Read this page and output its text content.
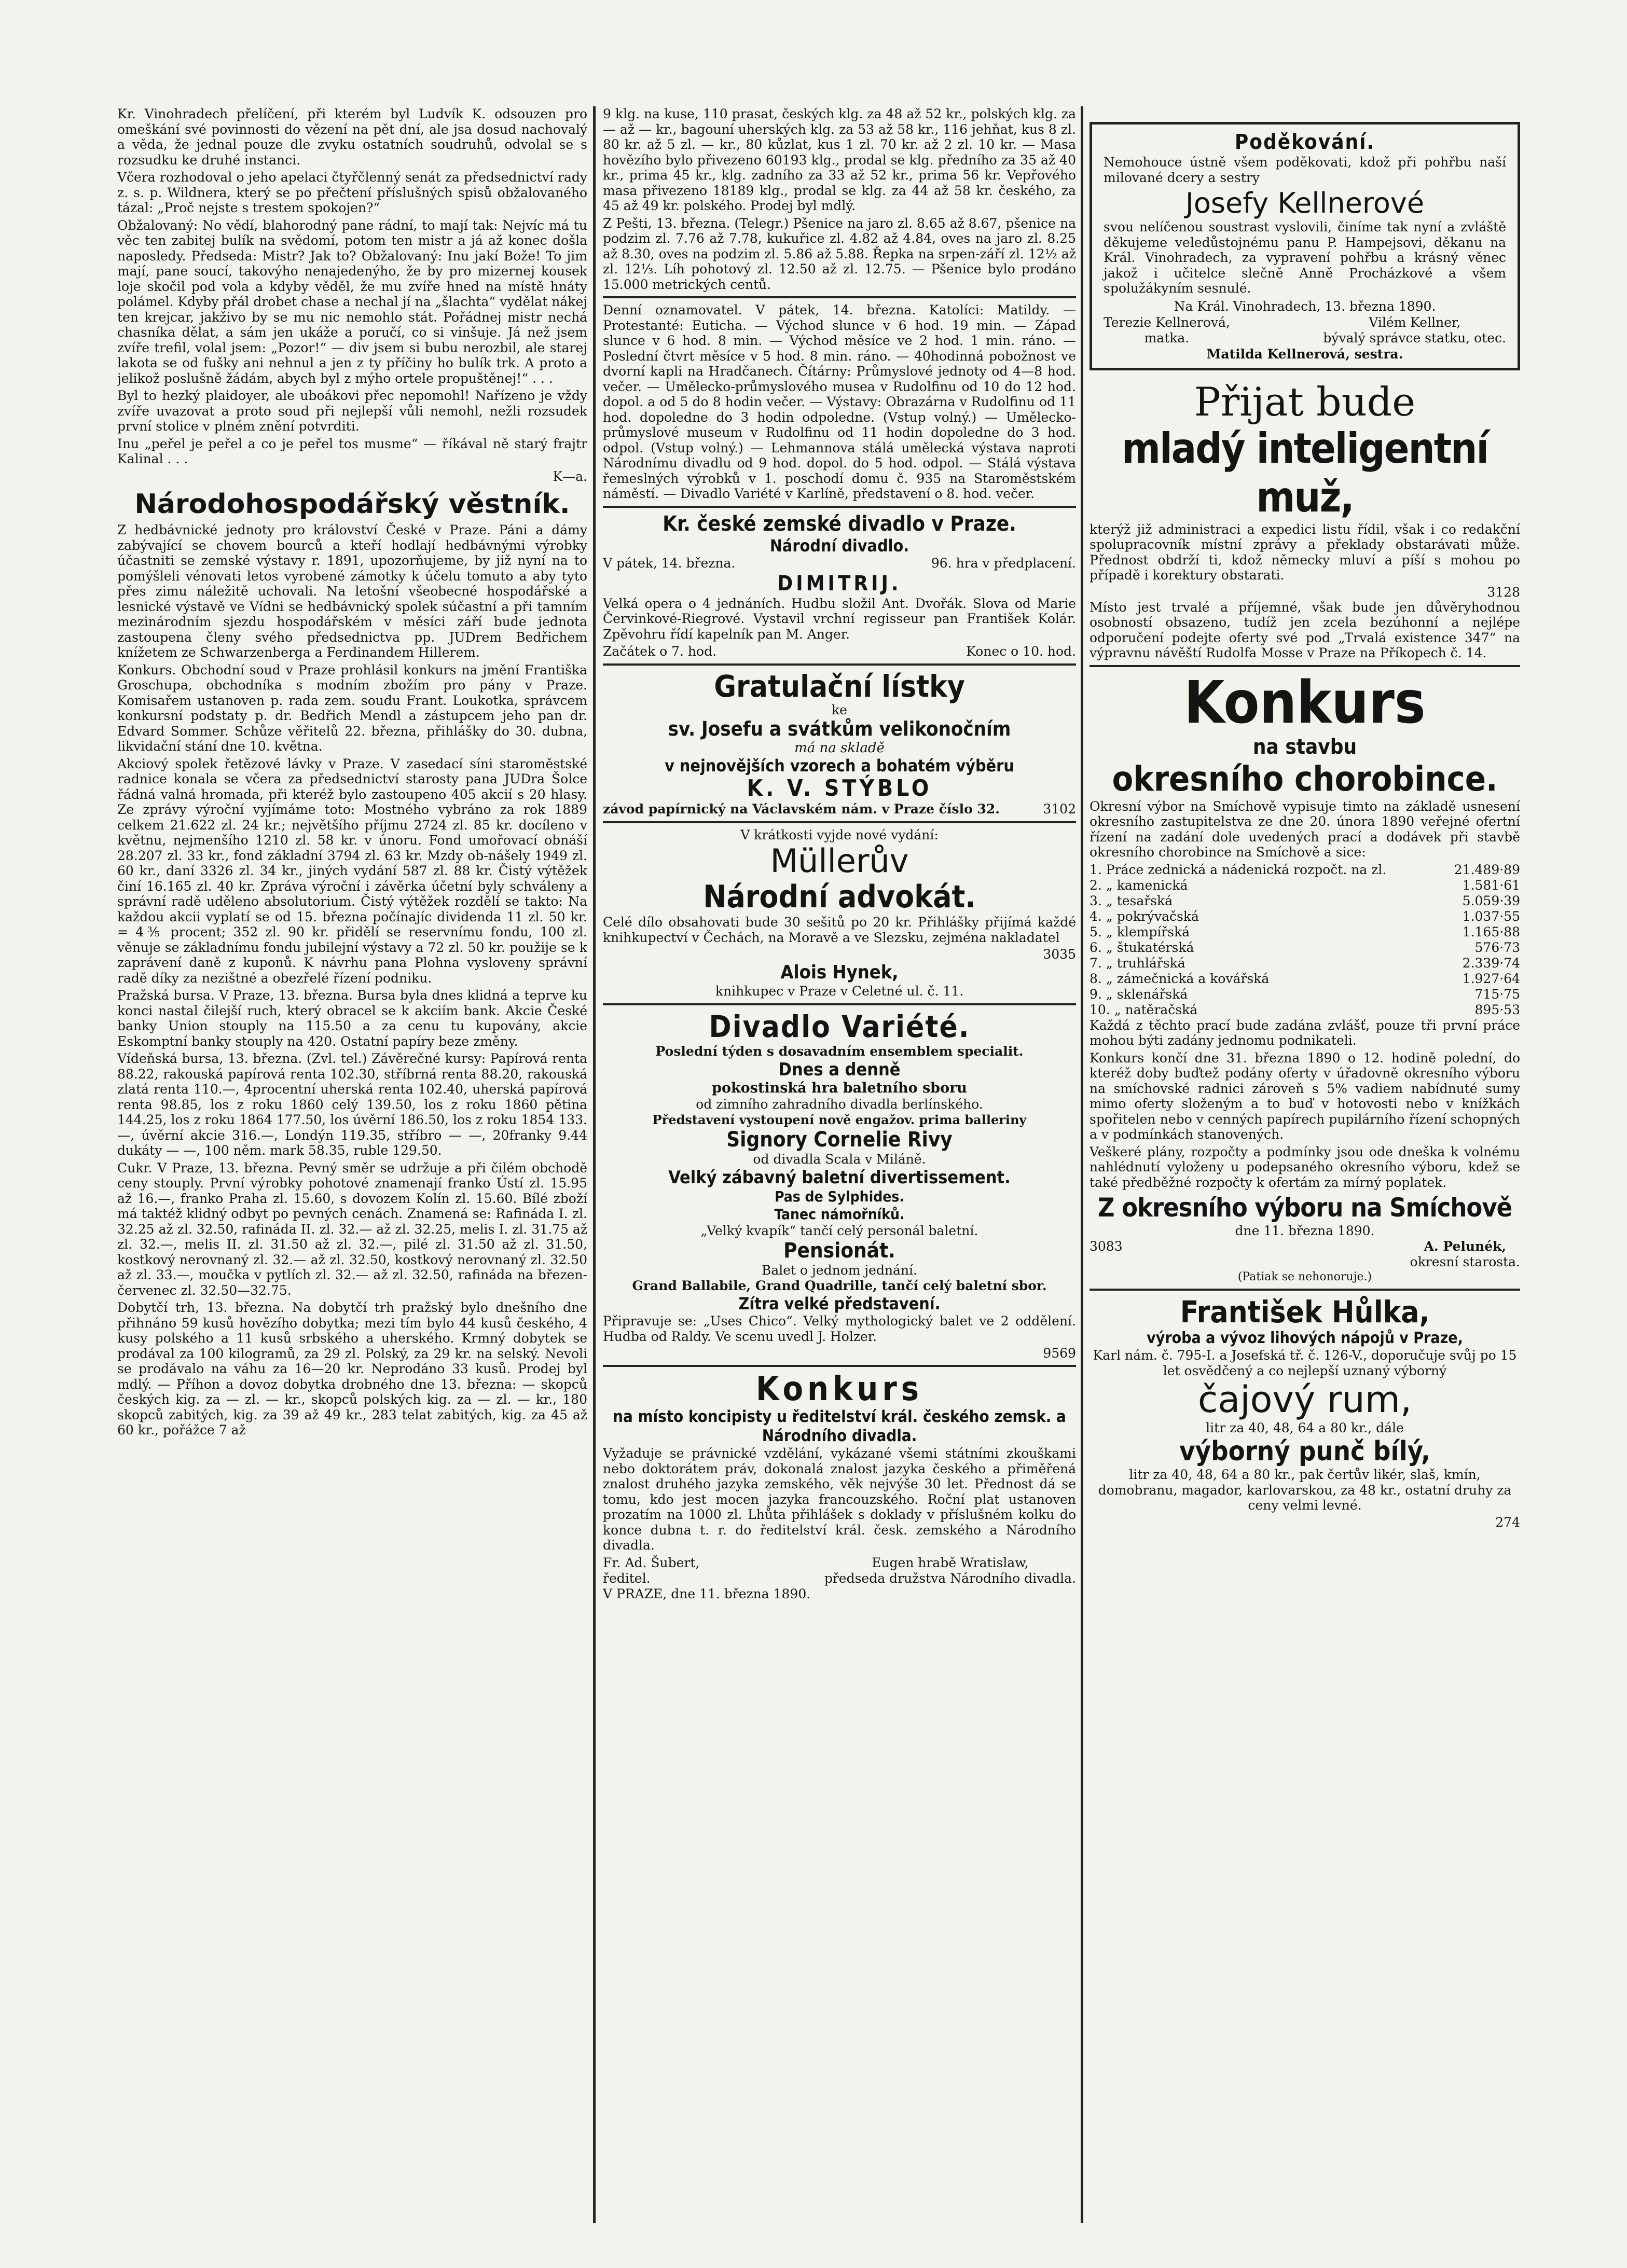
Kr. Vinohradech přelíčení, při kterém byl Ludvík K. odsouzen pro omeškání své povinnosti do vězení na pět dní, ale jsa dosud nachovalý a věda, že jednal pouze dle zvyku ostatních soudruhů, odvolal se s rozsudku ke druhé instanci.

Včera rozhodoval o jeho apelaci čtyřčlenný senát za předsednictví rady z. s. p. Wildnera, který se po přečtení příslušných spisů obžalovaného tázal: „Proč nejste s trestem spokojen?“

Obžalovaný: No vědí, blahorodný pane rádní, to mají tak: Nejvíc má tu věc ten zabitej bulík na svědomí, potom ten mistr a já až konec došla naposledy. Předseda: Mistr? Jak to? Obžalovaný: Inu jakí Bože! To jim mají, pane soucí, takovýho nenajedenýho, že by pro mizernej kousek loje skočil pod vola a kdyby věděl, že mu zvíře hned na místě hnáty polámel. Kdyby přál drobet chase a nechal jí na „šlachta“ vydělat nákej ten krejcar, jakživo by se mu nic nemohlo stát. Pořádnej mistr nechá chasníka dělat, a sám jen ukáže a poručí, co si vinšuje. Já než jsem zvíře trefil, volal jsem: „Pozor!“ — div jsem si bubu nerozbil, ale starej lakota se od fušky ani nehnul a jen z ty příčiny ho bulík trk. A proto a jelikož poslušně žádám, abych byl z mýho ortele propuštěnej!“ . . .

Byl to hezký plaidoyer, ale uboákovi přec nepomohl! Nařízeno je vždy zvíře uvazovat a proto soud při nejlepší vůli nemohl, nežli rozsudek první stolice v plném znění potvrditi.

Inu „peřel je peřel a co je peřel tos musme“ — říkával ně starý frajtr Kalinal . . .

K—a.

Národohospodářský věstník.

Z hedbávnické jednoty pro království České v Praze. Páni a dámy zabývající se chovem bourců a kteří hodlají hedbávnými výrobky účastniti se zemské výstavy r. 1891, upozorňujeme, by již nyní na to pomýšleli vénovati letos vyrobené zámotky k účelu tomuto a aby tyto přes zimu náležitě uchovali. Na letošní všeobecné hospodářské a lesnické výstavě ve Vídni se hedbávnický spolek súčastní a při tamním mezinárodním sjezdu hospodářském v měsíci září bude jednota zastoupena členy svého předsednictva pp. JUDrem Bedřichem knížetem ze Schwarzenberga a Ferdinandem Hillerem.

Konkurs. Obchodní soud v Praze prohlásil konkurs na jmění Františka Groschupa, obchodníka s modním zbožím pro pány v Praze. Komisařem ustanoven p. rada zem. soudu Frant. Loukotka, správcem konkursní podstaty p. dr. Bedřich Mendl a zástupcem jeho pan dr. Edvard Sommer. Schůze věřitelů 22. března, přihlášky do 30. dubna, likvidační stání dne 10. května.

Akciový spolek řetězové lávky v Praze. V zasedací síni staroměstské radnice konala se včera za předsednictví starosty pana JUDra Šolce řádná valná hromada, při kteréž bylo zastoupeno 405 akcií s 20 hlasy. Ze zprávy výroční vyjímáme toto: Mostného vybráno za rok 1889 celkem 21.622 zl. 24 kr.; největšího příjmu 2724 zl. 85 kr. docíleno v květnu, nejmenšího 1210 zl. 58 kr. v únoru. Fond umořovací obnáší 28.207 zl. 33 kr., fond základní 3794 zl. 63 kr. Mzdy ob-nášely 1949 zl. 60 kr., daní 3326 zl. 34 kr., jiných vydání 587 zl. 88 kr. Čistý výtěžek činí 16.165 zl. 40 kr. Zpráva výroční i závěrka účetní byly schváleny a správní radě uděleno absolutorium. Čistý výtěžek rozdělí se takto: Na každou akcii vyplatí se od 15. března počínajíc dividenda 11 zl. 50 kr. = 4⅗ procent; 352 zl. 90 kr. přidělí se reservnímu fondu, 100 zl. věnuje se základnímu fondu jubilejní výstavy a 72 zl. 50 kr. použije se k zaprávení daně z kuponů. K návrhu pana Plohna vysloveny správní radě díky za nezištné a obezřelé řízení podniku.

Pražská bursa. V Praze, 13. března. Bursa byla dnes klidná a teprve ku konci nastal čilejší ruch, který obracel se k akciím bank. Akcie České banky Union stouply na 115.50 a za cenu tu kupovány, akcie Eskomptní banky stouply na 420. Ostatní papíry beze změny.

Vídeňská bursa, 13. března. (Zvl. tel.) Závěrečné kursy: Papírová renta 88.22, rakouská papírová renta 102.30, stříbrná renta 88.20, rakouská zlatá renta 110.—, 4procentní uherská renta 102.40, uherská papírová renta 98.85, los z roku 1860 celý 139.50, los z roku 1860 pětina 144.25, los z roku 1864 177.50, los úvěrní 186.50, los z roku 1854 133.—, úvěrní akcie 316.—, Londýn 119.35, stříbro — —, 20franky 9.44 dukáty — —, 100 něm. mark 58.35, ruble 129.50.

Cukr. V Praze, 13. března. Pevný směr se udržuje a při čilém obchodě ceny stouply. První výrobky pohotové znamenají franko Ústí zl. 15.95 až 16.—, franko Praha zl. 15.60, s dovozem Kolín zl. 15.60. Bílé zboží má taktéž klidný odbyt po pevných cenách. Znamená se: Rafináda I. zl. 32.25 až zl. 32.50, rafináda II. zl. 32.— až zl. 32.25, melis I. zl. 31.75 až zl. 32.—, melis II. zl. 31.50 až zl. 32.—, pilé zl. 31.50 až zl. 31.50, kostkový nerovnaný zl. 32.— až zl. 32.50, kostkový nerovnaný zl. 32.50 až zl. 33.—, moučka v pytlích zl. 32.— až zl. 32.50, rafináda na březen-červenec zl. 32.50—32.75.

Dobytčí trh, 13. března. Na dobytčí trh pražský bylo dnešního dne přihnáno 59 kusů hovězího dobytka; mezi tím bylo 44 kusů českého, 4 kusy polského a 11 kusů srbského a uherského. Krmný dobytek se prodával za 100 kilogramů, za 29 zl. Polský, za 29 kr. na selský. Nevoli se prodávalo na váhu za 16—20 kr. Neprodáno 33 kusů. Prodej byl mdlý. — Příhon a dovoz dobytka drobného dne 13. března: — skopců českých kig. za — zl. — kr., skopců polských kig. za — zl. — kr., 180 skopců zabitých, kig. za 39 až 49 kr., 283 telat zabitých, kig. za 45 až 60 kr., pořážce 7 až

9 klg. na kuse, 110 prasat, českých klg. za 48 až 52 kr., polských klg. za — až — kr., bagouní uherských klg. za 53 až 58 kr., 116 jehňat, kus 8 zl. 80 kr. až 5 zl. — kr., 80 kůzlat, kus 1 zl. 70 kr. až 2 zl. 10 kr. — Masa hovězího bylo přivezeno 60193 klg., prodal se klg. předního za 35 až 40 kr., prima 45 kr., klg. zadního za 33 až 52 kr., prima 56 kr. Vepřového masa přivezeno 18189 klg., prodal se klg. za 44 až 58 kr. českého, za 45 až 49 kr. polského. Prodej byl mdlý.

Z Pešti, 13. března. (Telegr.) Pšenice na jaro zl. 8.65 až 8.67, pšenice na podzim zl. 7.76 až 7.78, kukuřice zl. 4.82 až 4.84, oves na jaro zl. 8.25 až 8.30, oves na podzim zl. 5.86 až 5.88. Řepka na srpen-září zl. 12½ až zl. 12⅓. Líh pohotový zl. 12.50 až zl. 12.75. — Pšenice bylo prodáno 15.000 metrických centů.

Denní oznamovatel. V pátek, 14. března. Katolíci: Matildy. — Protestanté: Euticha. — Východ slunce v 6 hod. 19 min. — Západ slunce v 6 hod. 8 min. — Východ měsíce ve 2 hod. 1 min. ráno. — Poslední čtvrt měsíce v 5 hod. 8 min. ráno. — 40hodinná pobožnost ve dvorní kapli na Hradčanech. Čítárny: Průmyslové jednoty od 4—8 hod. večer. — Umělecko-průmyslového musea v Rudolfinu od 10 do 12 hod. dopol. a od 5 do 8 hodin večer. — Výstavy: Obrazárna v Rudolfinu od 11 hod. dopoledne do 3 hodin odpoledne. (Vstup volný.) — Umělecko-průmyslové museum v Rudolfinu od 11 hodin dopoledne do 3 hod. odpol. (Vstup volný.) — Lehmannova stálá umělecká výstava naproti Národnímu divadlu od 9 hod. dopol. do 5 hod. odpol. — Stálá výstava řemeslných výrobků v 1. poschodí domu č. 935 na Staroměstském náměstí. — Divadlo Variété v Karlíně, představení o 8. hod. večer.

Kr. české zemské divadlo v Praze.
Národní divadlo.
V pátek, 14. března.	96. hra v předplacení.
DIMITRIJ.

Velká opera o 4 jednáních. Hudbu složil Ant. Dvořák. Slova od Marie Červinkové-Riegrové. Vystavil vrchní regisseur pan František Kolár. Zpěvohru řídí kapelník pan M. Anger.

Začátek o 7. hod.	Konec o 10. hod.
Gratulační lístky
ke
sv. Josefu a svátkům velikonočním
má na skladě
v nejnovějších vzorech a bohatém výběru
K. V. STÝBLO
závod papírnický na Václavském nám. v Praze číslo 32.	3102
V krátkosti vyjde nové vydání:
Müllerův
Národní advokát.

Celé dílo obsahovati bude 30 sešitů po 20 kr. Přihlášky přijímá každé knihkupectví v Čechách, na Moravě a ve Slezsku, zejména nakladatel

3035
Alois Hynek,
knihkupec v Praze v Celetné ul. č. 11.
Divadlo Variété.
Poslední týden s dosavadním ensemblem specialit.
Dnes a denně
pokostinská hra baletního sboru
od zimního zahradního divadla berlínského.
Představení vystoupení nově engažov. prima balleriny
Signory Cornelie Rivy
od divadla Scala v Miláně.
Velký zábavný baletní divertissement.
Pas de Sylphides.
Tanec námořníků.
„Velký kvapík“ tančí celý personál baletní.
Pensionát.
Balet o jednom jednání.
Grand Ballabile, Grand Quadrille, tančí celý baletní sbor.
Zítra velké představení.

Připravuje se: „Uses Chico“. Velký mythologický balet ve 2 oddělení. Hudba od Raldy. Ve scenu uvedl J. Holzer.

9569
Konkurs
na místo koncipisty u ředitelství král. českého zemsk. a Národního divadla.

Vyžaduje se právnické vzdělání, vykázané všemi státními zkouškami nebo doktorátem práv, dokonalá znalost jazyka českého a přiměřená znalost druhého jazyka zemského, věk nejvýše 30 let. Přednost dá se tomu, kdo jest mocen jazyka francouzského. Roční plat ustanoven prozatím na 1000 zl. Lhůta přihlášek s doklady v příslušném kolku do konce dubna t. r. do ředitelství král. česk. zemského a Národního divadla.

Fr. Ad. Šubert,
ředitel.
Eugen hrabě Wratislaw,
předseda družstva Národního divadla.
V PRAZE, dne 11. března 1890.
Poděkování.

Nemohouce ústně všem poděkovati, kdož při pohřbu naší milované dcery a sestry

Josefy Kellnerové

svou nelíčenou soustrast vyslovili, činíme tak nyní a zvláště děkujeme veledůstojnému panu P. Hampejsovi, děkanu na Král. Vinohradech, za vypravení pohřbu a krásný věnec jakož i učitelce slečně Anně Procházkové a všem spolužákyním sesnulé.

Na Král. Vinohradech, 13. března 1890.
Terezie Kellnerová,
matka.
Vilém Kellner,
bývalý správce statku, otec.
Matilda Kellnerová, sestra.
Přijat bude
mladý inteligentní muž,

kterýž již administraci a expedici listu řídil, však i co redakční spolupracovník místní zprávy a překlady obstarávati může. Přednost obdrží ti, kdož německy mluví a píší s mohou po případě i korektury obstarati.

3128

Místo jest trvalé a příjemné, však bude jen důvěryhodnou osobností obsazeno, tudíž jen zcela bezúhonní a nejlépe odporučení podejte oferty své pod „Trvalá existence 347“ na výpravnu návěští Rudolfa Mosse v Praze na Příkopech č. 14.

Konkurs
na stavbu
okresního chorobince.

Okresní výbor na Smíchově vypisuje timto na základě usnesení okresního zastupitelstva ze dne 20. února 1890 veřejné ofertní řízení na zadání dole uvedených prací a dodávek při stavbě okresního chorobince na Smíchově a sice:

1. Práce zednická a nádenická rozpočt. na zl.	21.489·89
2. „ kamenická	1.581·61
3. „ tesařská	5.059·39
4. „ pokrývačská	1.037·55
5. „ klempířská	1.165·88
6. „ štukatérská	576·73
7. „ truhlářská	2.339·74
8. „ zámečnická a kovářská	1.927·64
9. „ sklenářská	715·75
10. „ natěračská	895·53

Každá z těchto prací bude zadána zvlášť, pouze tři první práce mohou býti zadány jednomu podnikateli.

Konkurs končí dne 31. března 1890 o 12. hodině polední, do kteréž doby buďtež podány oferty v úřadovně okresního výboru na smíchovské radnici zároveň s 5% vadiem nabídnuté sumy mimo oferty složeným a to buď v hotovosti nebo v knížkách spořitelen nebo v cenných papírech pupilárního řízení schopných a v podmínkách stanovených.

Veškeré plány, rozpočty a podmínky jsou ode dneška k volnému nahlédnutí vyloženy u podepsaného okresního výboru, kdež se také předběžné rozpočty k ofertám za mírný poplatek.

Z okresního výboru na Smíchově
dne 11. března 1890.
3083	A. Pelunék,
okresní starosta.
(Patiak se nehonoruje.)
František Hůlka,
výroba a vývoz lihových nápojů v Praze,
Karl nám. č. 795-I. a Josefská tř. č. 126-V., doporučuje svůj po 15 let osvědčený a co nejlepší uznaný výborný
čajový rum,
litr za 40, 48, 64 a 80 kr., dále
výborný punč bílý,

litr za 40, 48, 64 a 80 kr., pak čertův likér, slaš, kmín, domobranu, magador, karlovarskou, za 48 kr., ostatní druhy za ceny velmi levné.

274
